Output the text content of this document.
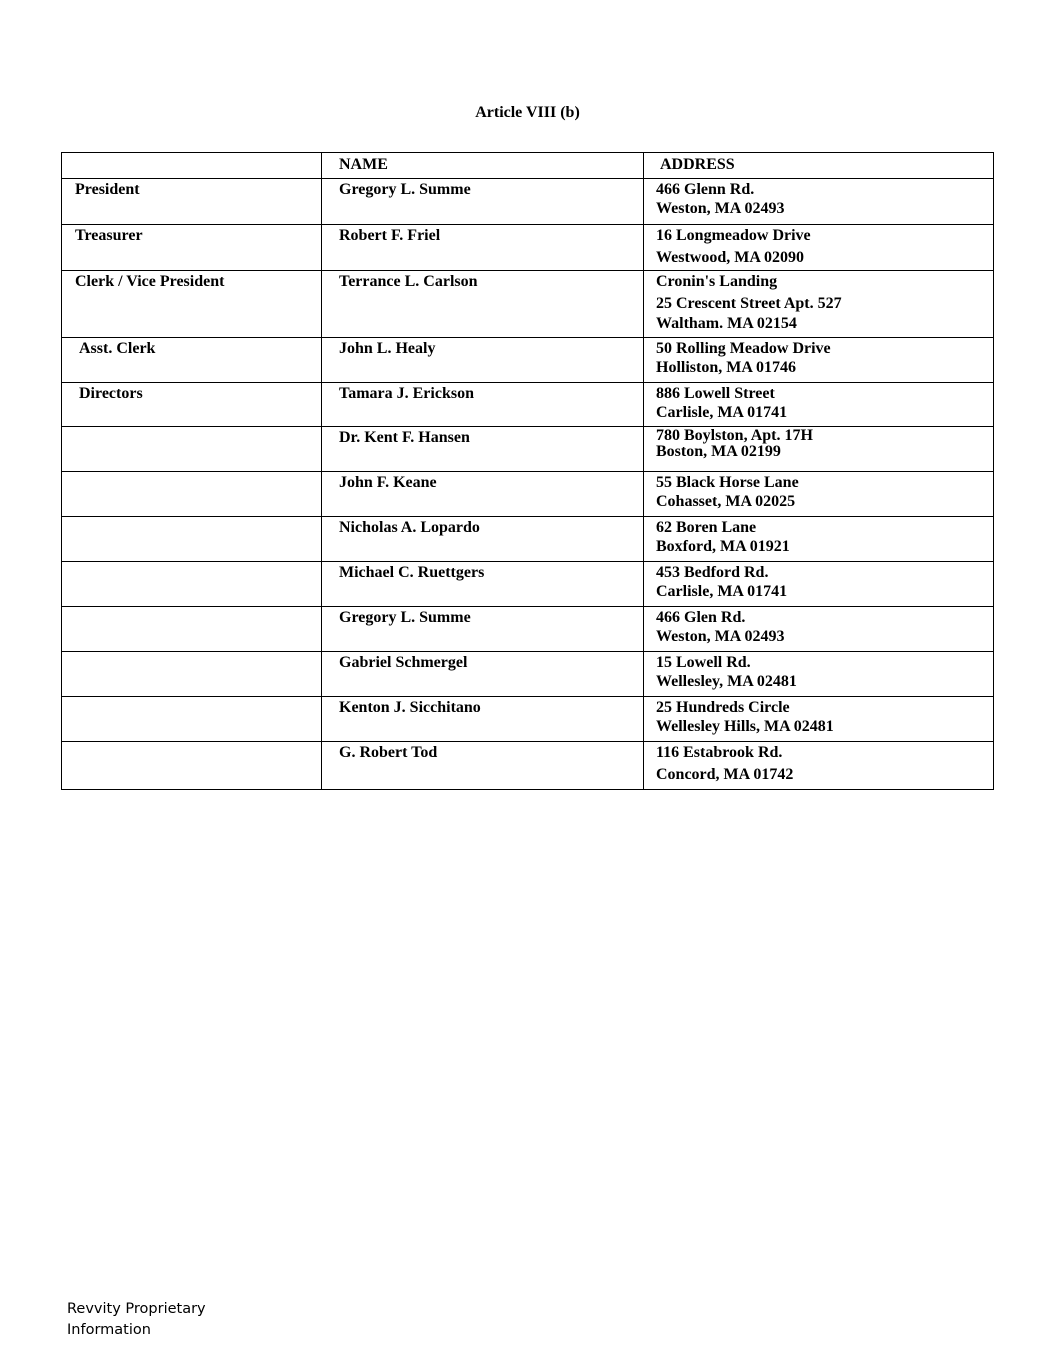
Article VIII (b)
	NAME	ADDRESS
President	Gregory L. Summe	466 Glenn Rd.
Weston, MA 02493

Treasurer	Robert F. Friel	16 Longmeadow Drive
Westwood, MA 02090

Clerk / Vice President	Terrance L. Carlson	Cronin's Landing
25 Crescent Street Apt. 527
Waltham. MA 02154

Asst. Clerk	John L. Healy	50 Rolling Meadow Drive
Holliston, MA 01746

Directors	Tamara J. Erickson	886 Lowell Street
Carlisle, MA 01741

	Dr. Kent F. Hansen	780 Boylston, Apt. 17H
Boston, MA 02199

	John F. Keane	55 Black Horse Lane
Cohasset, MA 02025

	Nicholas A. Lopardo	62 Boren Lane
Boxford, MA 01921

	Michael C. Ruettgers	453 Bedford Rd.
Carlisle, MA 01741

	Gregory L. Summe	466 Glen Rd.
Weston, MA 02493

	Gabriel Schmergel	15 Lowell Rd.
Wellesley, MA 02481

	Kenton J. Sicchitano	25 Hundreds Circle
Wellesley Hills, MA 02481

	G. Robert Tod	116 Estabrook Rd.
Concord, MA 01742
Revvity Proprietary
Information
